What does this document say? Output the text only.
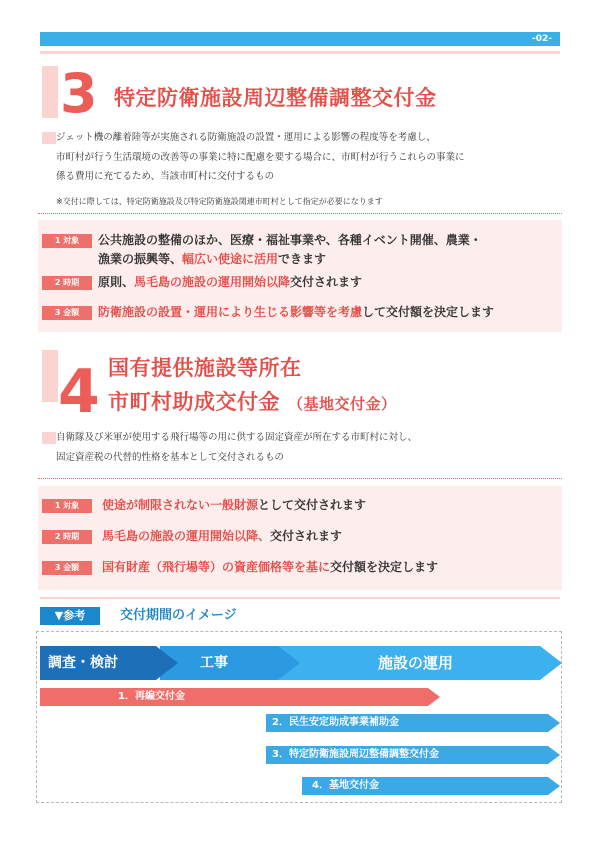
-02-
3 特定防衛施設周辺整備調整交付金
ジェット機の離着陸等が実施される防衛施設の設置・運用による影響の程度等を考慮し、
市町村が行う生活環境の改善等の事業に特に配慮を要する場合に、市町村が行うこれらの事業に
係る費用に充てるため、当該市町村に交付するもの
※交付に際しては、特定防衛施設及び特定防衛施設関連市町村として指定が必要になります
1 対象	公共施設の整備のほか、医療・福祉事業や、各種イベント開催、農業・
漁業の振興等、幅広い使途に活用できます
2 時期	原則、馬毛島の施設の運用開始以降交付されます
3 金額	防衛施設の設置・運用により生じる影響等を考慮して交付額を決定します
4 国有提供施設等所在
市町村助成交付金 （基地交付金）
自衛隊及び米軍が使用する飛行場等の用に供する固定資産が所在する市町村に対し、
固定資産税の代替的性格を基本として交付されるもの
1 対象	使途が制限されない一般財源として交付されます
2 時期	馬毛島の施設の運用開始以降、交付されます
3 金額	国有財産（飛行場等）の資産価格等を基に交付額を決定します
▼参考	交付期間のイメージ
調査・検討	工事	施設の運用
1．再編交付金
2．民生安定助成事業補助金
3．特定防衛施設周辺整備調整交付金
4．基地交付金
